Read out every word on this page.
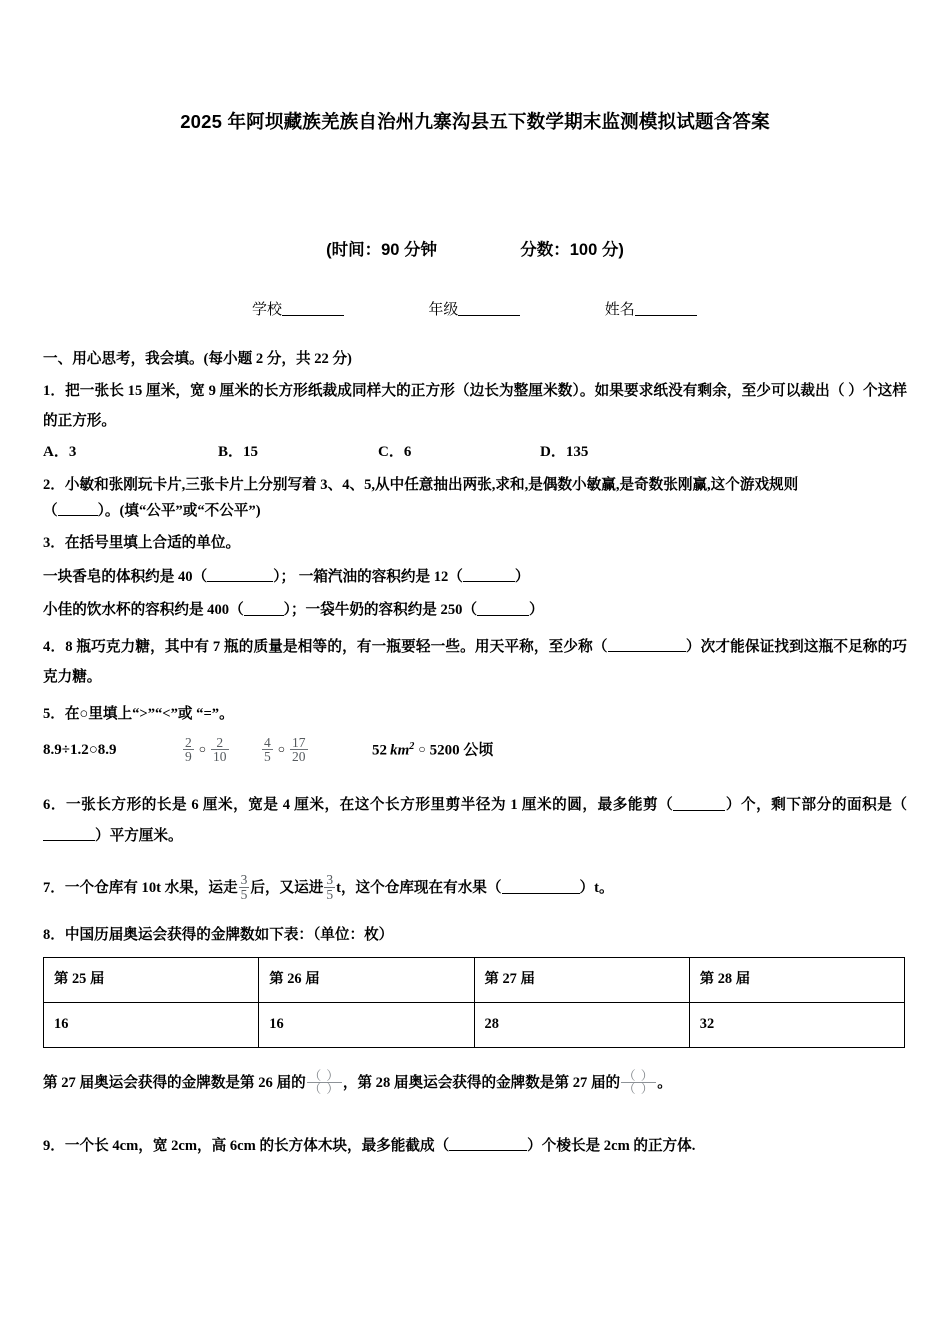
2025 年阿坝藏族羌族自治州九寨沟县五下数学期末监测模拟试题含答案
(时间：90 分钟	分数：100 分)
学校	年级	姓名
一、用心思考，我会填。(每小题 2 分，共 22 分)
1．把一张长 15 厘米，宽 9 厘米的长方形纸裁成同样大的正方形（边长为整厘米数）。如果要求纸没有剩余，至少可以裁出（ ）个这样的正方形。
A．3	B．15	C．6	D．135
2．小敏和张刚玩卡片,三张卡片上分别写着 3、4、5,从中任意抽出两张,求和,是偶数小敏赢,是奇数张刚赢,这个游戏规则
（	）。(填“公平”或“不公平”)
3．在括号里填上合适的单位。
一块香皂的体积约是 40（	）； 一箱汽油的容积约是 12（	）
小佳的饮水杯的容积约是 400（	）；一袋牛奶的容积约是 250（	）
4．8 瓶巧克力糖，其中有 7 瓶的质量是相等的，有一瓶要轻一些。用天平称，至少称（	）次才能保证找到这瓶不足称的巧克力糖。
5．在○里填上“>”“<”或 “=”。
8.9÷1.2○8.9	$\frac{2}{9}$ ○ $\frac{2}{10}$
$\frac{4}{5}$ ○ $\frac{17}{20}$	52  $km^2$ ○ 5200 公顷
6．一张长方形的长是 6 厘米，宽是 4 厘米，在这个长方形里剪半径为 1 厘米的圆，最多能剪（	）个，剩下部分的面积是（）平方厘米。
7．一个仓库有 10t 水果，运走 $\frac{3}{5}$ 后，又运进 $\frac{3}{5}$ t，这个仓库现在有水果（	）t。
8．中国历届奥运会获得的金牌数如下表：（单位：枚）
第 25 届	第 26 届	第 27 届	第 28 届
16	16	28	32
第 27 届奥运会获得的金牌数是第 26 届的 $\frac{( )}{( )}$ ，第 28 届奥运会获得的金牌数是第 27 届的 $\frac{( )}{( )}$ 。
9．一个长 4cm，宽 2cm，高 6cm 的长方体木块，最多能截成（	）个棱长是 2cm 的正方体.
